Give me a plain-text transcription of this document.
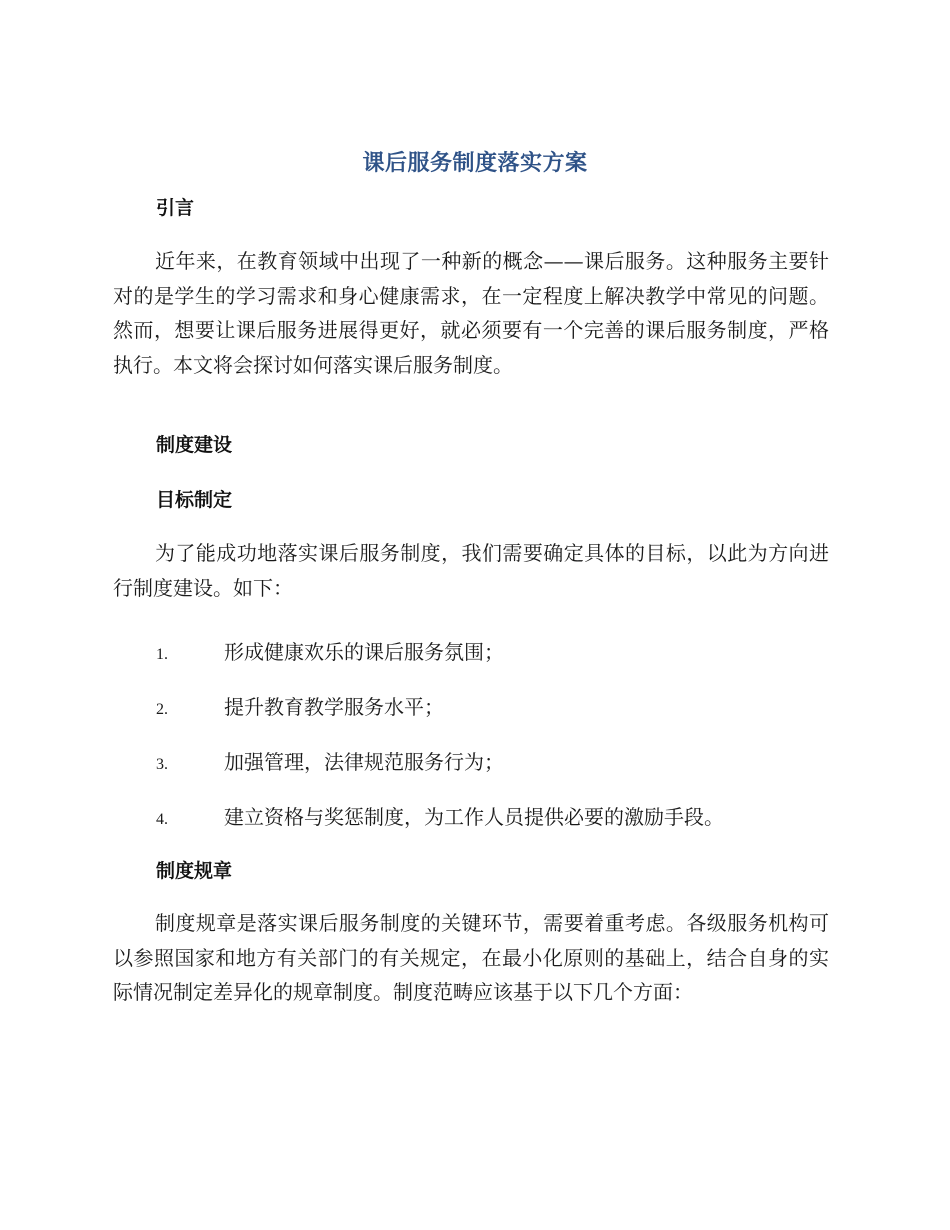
课后服务制度落实方案
引言
近年来，在教育领域中出现了一种新的概念——课后服务。这种服务主要针对的是学生的学习需求和身心健康需求，在一定程度上解决教学中常见的问题。然而，想要让课后服务进展得更好，就必须要有一个完善的课后服务制度，严格执行。本文将会探讨如何落实课后服务制度。
制度建设
目标制定
为了能成功地落实课后服务制度，我们需要确定具体的目标，以此为方向进行制度建设。如下：
1.	形成健康欢乐的课后服务氛围；
2.	提升教育教学服务水平；
3.	加强管理，法律规范服务行为；
4.	建立资格与奖惩制度，为工作人员提供必要的激励手段。
制度规章
制度规章是落实课后服务制度的关键环节，需要着重考虑。各级服务机构可以参照国家和地方有关部门的有关规定，在最小化原则的基础上，结合自身的实际情况制定差异化的规章制度。制度范畴应该基于以下几个方面：
